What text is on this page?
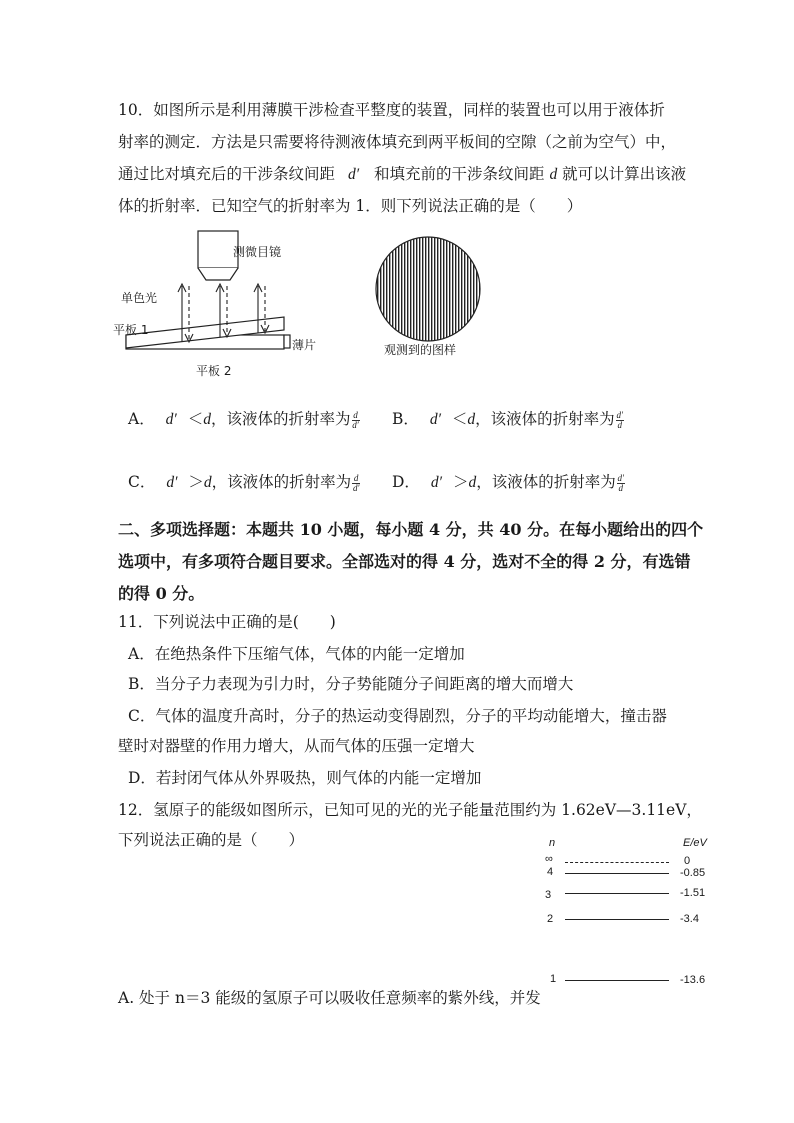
10．如图所示是利用薄膜干涉检查平整度的装置，同样的装置也可以用于液体折
射率的测定．方法是只需要将待测液体填充到两平板间的空隙（之前为空气）中，
通过比对填充后的干涉条纹间距 d′ 和填充前的干涉条纹间距 d 就可以计算出该液
体的折射率．已知空气的折射率为 1．则下列说法正确的是（　　）
测微目镜
单色光
平板 1
薄片
平板 2
观测到的图样
A． d′ ＜d，该液体的折射率为 $\frac{d}{d'}$ B． d′ ＜d，该液体的折射率为 $\frac{d'}{d}$
C． d′ ＞d，该液体的折射率为 $\frac{d}{d'}$ D． d′ ＞d，该液体的折射率为 $\frac{d'}{d}$
二、多项选择题：本题共 10 小题，每小题 4 分，共 40 分。在每小题给出的四个
选项中，有多项符合题目要求。全部选对的得 4 分，选对不全的得 2 分，有选错
的得 0 分。
11．下列说法中正确的是(　　)
A．在绝热条件下压缩气体，气体的内能一定增加
B．当分子力表现为引力时，分子势能随分子间距离的增大而增大
C．气体的温度升高时，分子的热运动变得剧烈，分子的平均动能增大，撞击器
壁时对器壁的作用力增大，从而气体的压强一定增大
D．若封闭气体从外界吸热，则气体的内能一定增加
12．氢原子的能级如图所示，已知可见的光的光子能量范围约为 1.62eV—3.11eV，
下列说法正确的是（　　）	n	E/eV
∞	0
4	-0.85
3	-1.51
2	-3.4
1	-13.6
A. 处于 n＝3 能级的氢原子可以吸收任意频率的紫外线，并发
